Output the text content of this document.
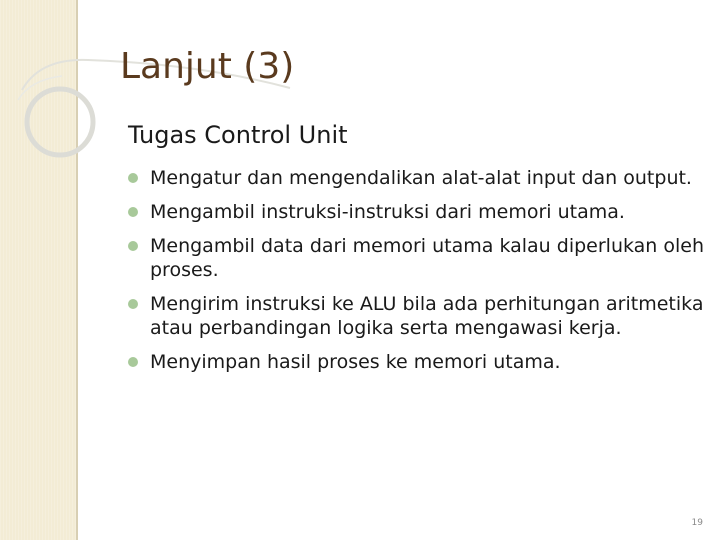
Lanjut (3)
Tugas Control Unit
Mengatur dan mengendalikan alat-alat input dan output.
Mengambil instruksi-instruksi dari memori utama.
Mengambil data dari memori utama kalau diperlukan oleh proses.
Mengirim instruksi ke ALU bila ada perhitungan aritmetika atau perbandingan logika serta mengawasi kerja.
Menyimpan hasil proses ke memori utama.
19
